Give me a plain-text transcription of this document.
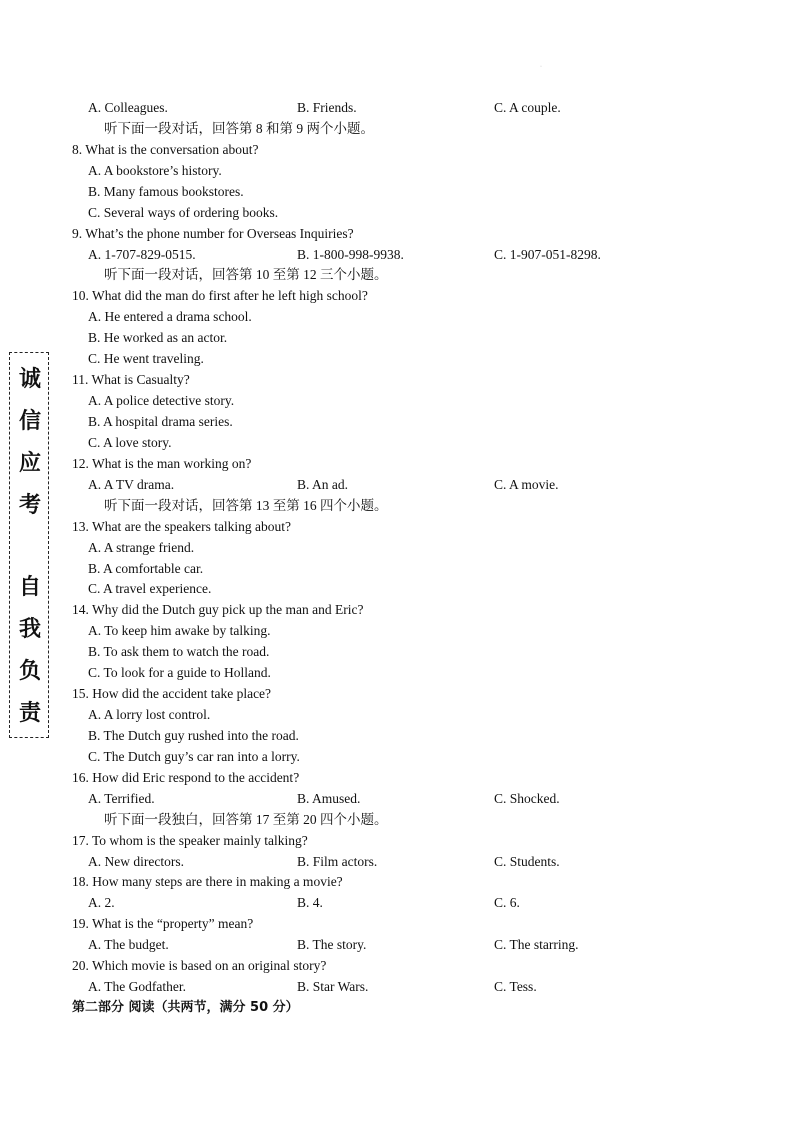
·
诚
信
应
考
自
我
负
责
A. Colleagues.	B. Friends.	C. A couple.
听下面一段对话，回答第 8 和第 9 两个小题。
8. What is the conversation about?
A. A bookstore’s history.
B. Many famous bookstores.
C. Several ways of ordering books.
9. What’s the phone number for Overseas Inquiries?
A. 1-707-829-0515.	B. 1-800-998-9938.	C. 1-907-051-8298.
听下面一段对话，回答第 10 至第 12 三个小题。
10. What did the man do first after he left high school?
A. He entered a drama school.
B. He worked as an actor.
C. He went traveling.
11. What is Casualty?
A. A police detective story.
B. A hospital drama series.
C. A love story.
12. What is the man working on?
A. A TV drama.	B. An ad.	C. A movie.
听下面一段对话，回答第 13 至第 16 四个小题。
13. What are the speakers talking about?
A. A strange friend.
B. A comfortable car.
C. A travel experience.
14. Why did the Dutch guy pick up the man and Eric?
A. To keep him awake by talking.
B. To ask them to watch the road.
C. To look for a guide to Holland.
15. How did the accident take place?
A. A lorry lost control.
B. The Dutch guy rushed into the road.
C. The Dutch guy’s car ran into a lorry.
16. How did Eric respond to the accident?
A. Terrified.	B. Amused.	C. Shocked.
听下面一段独白，回答第 17 至第 20 四个小题。
17. To whom is the speaker mainly talking?
A. New directors.	B. Film actors.	C. Students.
18. How many steps are there in making a movie?
A. 2.	B. 4.	C. 6.
19. What is the “property” mean?
A. The budget.	B. The story.	C. The starring.
20. Which movie is based on an original story?
A. The Godfather.	B. Star Wars.	C. Tess.
第二部分 阅读（共两节，满分 50 分）
